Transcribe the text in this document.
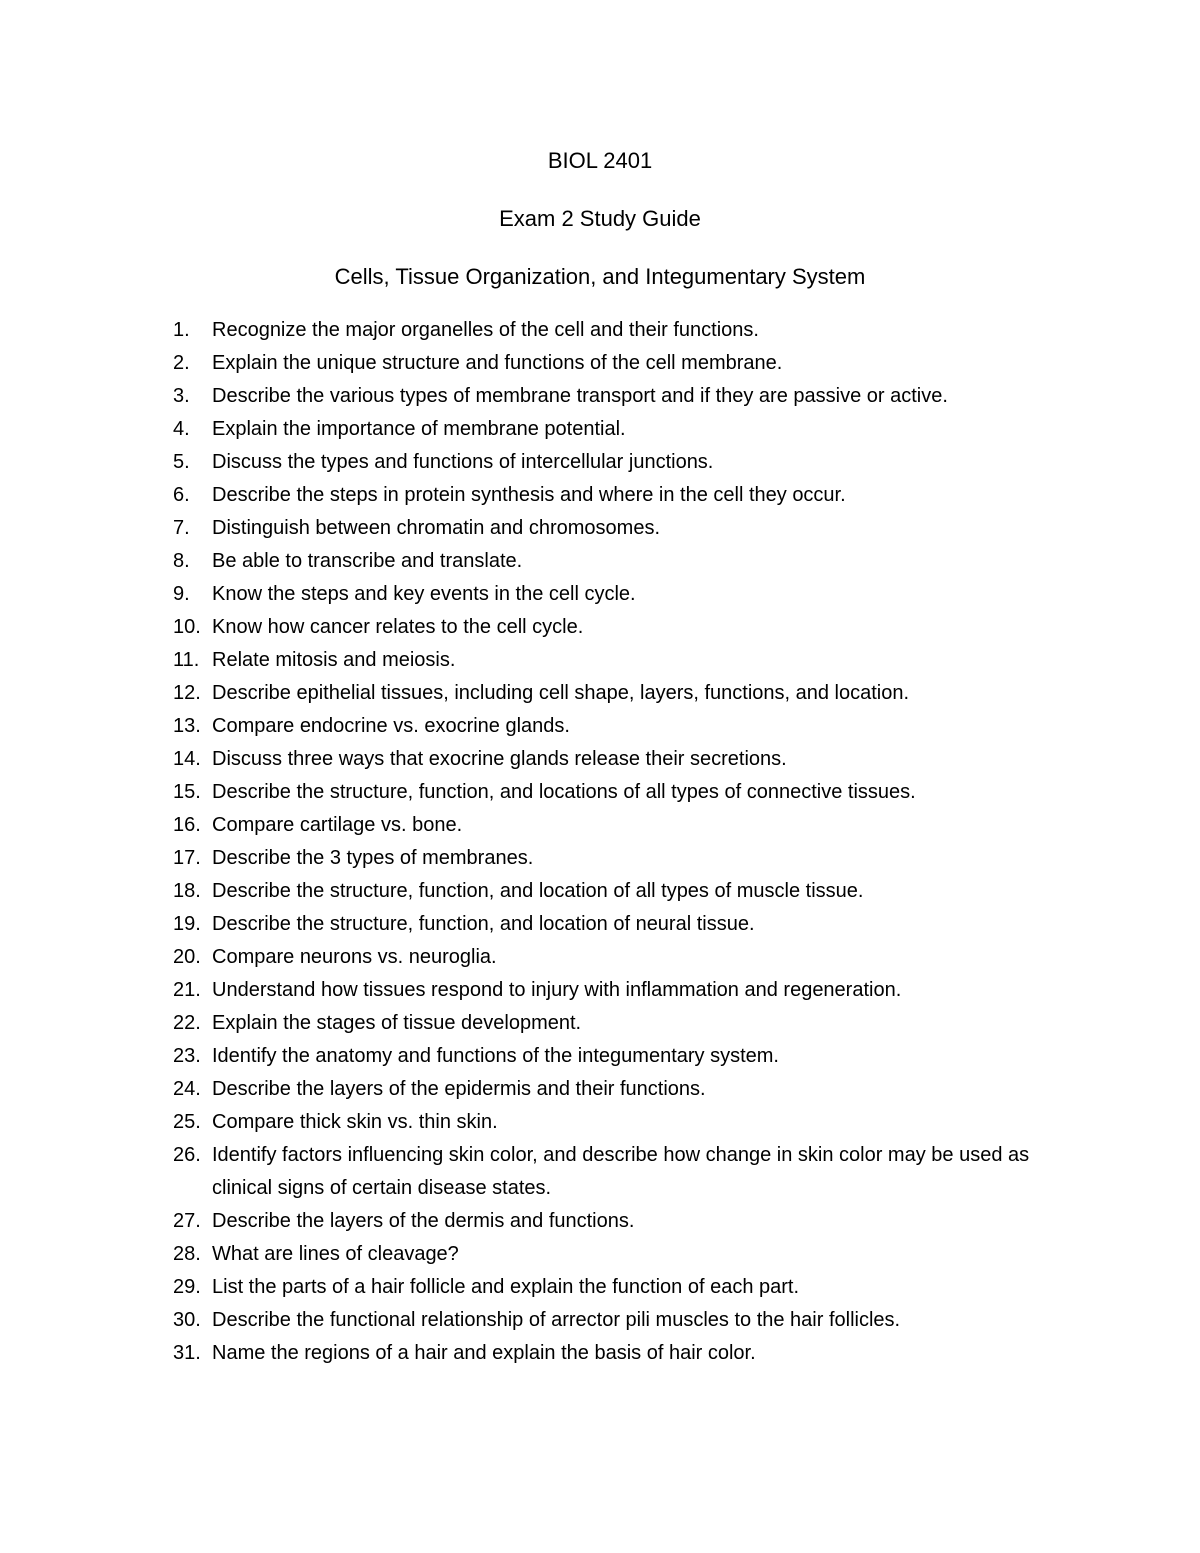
BIOL 2401
Exam 2 Study Guide
Cells, Tissue Organization, and Integumentary System
1. Recognize the major organelles of the cell and their functions.
2. Explain the unique structure and functions of the cell membrane.
3. Describe the various types of membrane transport and if they are passive or active.
4. Explain the importance of membrane potential.
5. Discuss the types and functions of intercellular junctions.
6. Describe the steps in protein synthesis and where in the cell they occur.
7. Distinguish between chromatin and chromosomes.
8. Be able to transcribe and translate.
9. Know the steps and key events in the cell cycle.
10. Know how cancer relates to the cell cycle.
11. Relate mitosis and meiosis.
12. Describe epithelial tissues, including cell shape, layers, functions, and location.
13. Compare endocrine vs. exocrine glands.
14. Discuss three ways that exocrine glands release their secretions.
15. Describe the structure, function, and locations of all types of connective tissues.
16. Compare cartilage vs. bone.
17. Describe the 3 types of membranes.
18. Describe the structure, function, and location of all types of muscle tissue.
19. Describe the structure, function, and location of neural tissue.
20. Compare neurons vs. neuroglia.
21. Understand how tissues respond to injury with inflammation and regeneration.
22. Explain the stages of tissue development.
23. Identify the anatomy and functions of the integumentary system.
24. Describe the layers of the epidermis and their functions.
25. Compare thick skin vs. thin skin.
26. Identify factors influencing skin color, and describe how change in skin color may be used as clinical signs of certain disease states.
27. Describe the layers of the dermis and functions.
28. What are lines of cleavage?
29. List the parts of a hair follicle and explain the function of each part.
30. Describe the functional relationship of arrector pili muscles to the hair follicles.
31. Name the regions of a hair and explain the basis of hair color.
